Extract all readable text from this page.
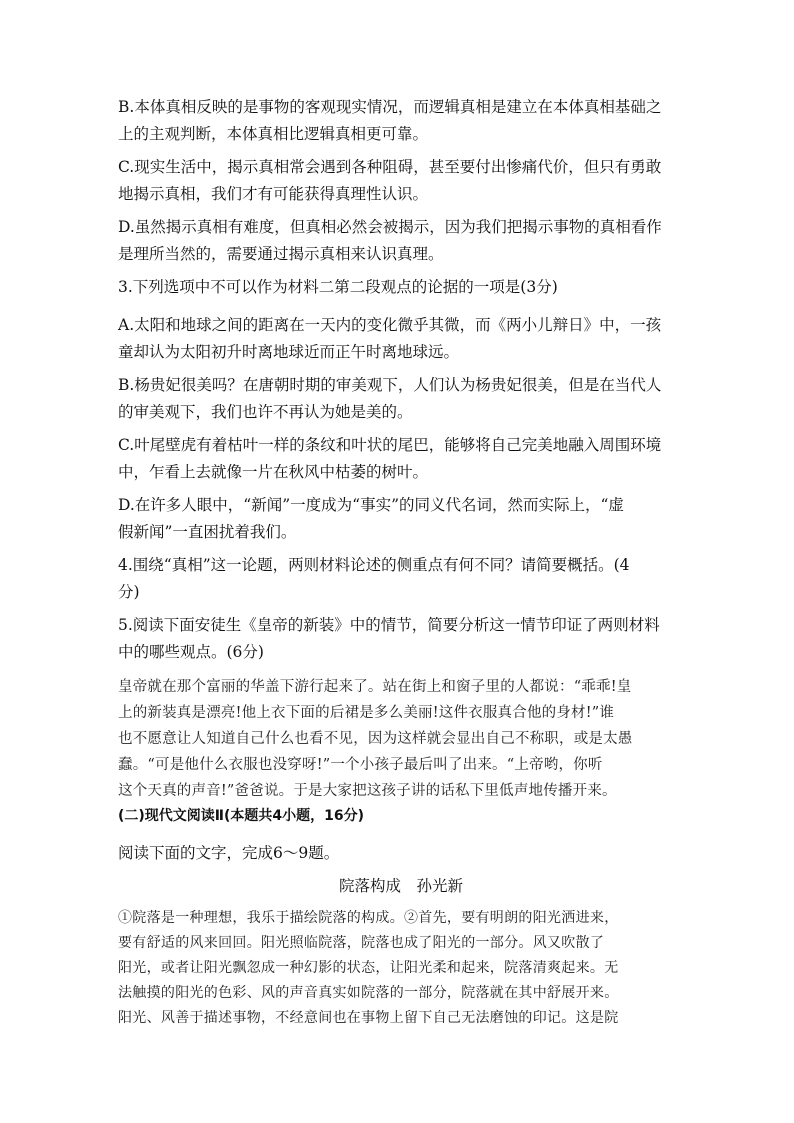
B.本体真相反映的是事物的客观现实情况，而逻辑真相是建立在本体真相基础之

上的主观判断，本体真相比逻辑真相更可靠。

C.现实生活中，揭示真相常会遇到各种阻碍，甚至要付出惨痛代价，但只有勇敢

地揭示真相，我们才有可能获得真理性认识。

D.虽然揭示真相有难度，但真相必然会被揭示，因为我们把揭示事物的真相看作

是理所当然的，需要通过揭示真相来认识真理。

3.下列选项中不可以作为材料二第二段观点的论据的一项是(3分)

A.太阳和地球之间的距离在一天内的变化微乎其微，而《两小儿辩日》中，一孩

童却认为太阳初升时离地球近而正午时离地球远。

B.杨贵妃很美吗？在唐朝时期的审美观下，人们认为杨贵妃很美，但是在当代人

的审美观下，我们也许不再认为她是美的。

C.叶尾壁虎有着枯叶一样的条纹和叶状的尾巴，能够将自己完美地融入周围环境

中，乍看上去就像一片在秋风中枯萎的树叶。

D.在许多人眼中，“新闻”一度成为“事实”的同义代名词，然而实际上，“虚

假新闻”一直困扰着我们。

4.围绕“真相”这一论题，两则材料论述的侧重点有何不同？请简要概括。(4

分)

5.阅读下面安徒生《皇帝的新装》中的情节，简要分析这一情节印证了两则材料

中的哪些观点。(6分)

皇帝就在那个富丽的华盖下游行起来了。站在街上和窗子里的人都说：“乖乖!皇

上的新装真是漂亮!他上衣下面的后裙是多么美丽!这件衣服真合他的身材!”谁

也不愿意让人知道自己什么也看不见，因为这样就会显出自己不称职，或是太愚

蠢。“可是他什么衣服也没穿呀!”一个小孩子最后叫了出来。“上帝哟，你听

这个天真的声音!”爸爸说。于是大家把这孩子讲的话私下里低声地传播开来。

(二)现代文阅读Ⅱ(本题共4小题，16分)

阅读下面的文字，完成6～9题。

院落构成　孙光新

①院落是一种理想，我乐于描绘院落的构成。②首先，要有明朗的阳光洒进来，

要有舒适的风来回回。阳光照临院落，院落也成了阳光的一部分。风又吹散了

阳光，或者让阳光飘忽成一种幻影的状态，让阳光柔和起来，院落清爽起来。无

法触摸的阳光的色彩、风的声音真实如院落的一部分，院落就在其中舒展开来。

阳光、风善于描述事物，不经意间也在事物上留下自己无法磨蚀的印记。这是院
